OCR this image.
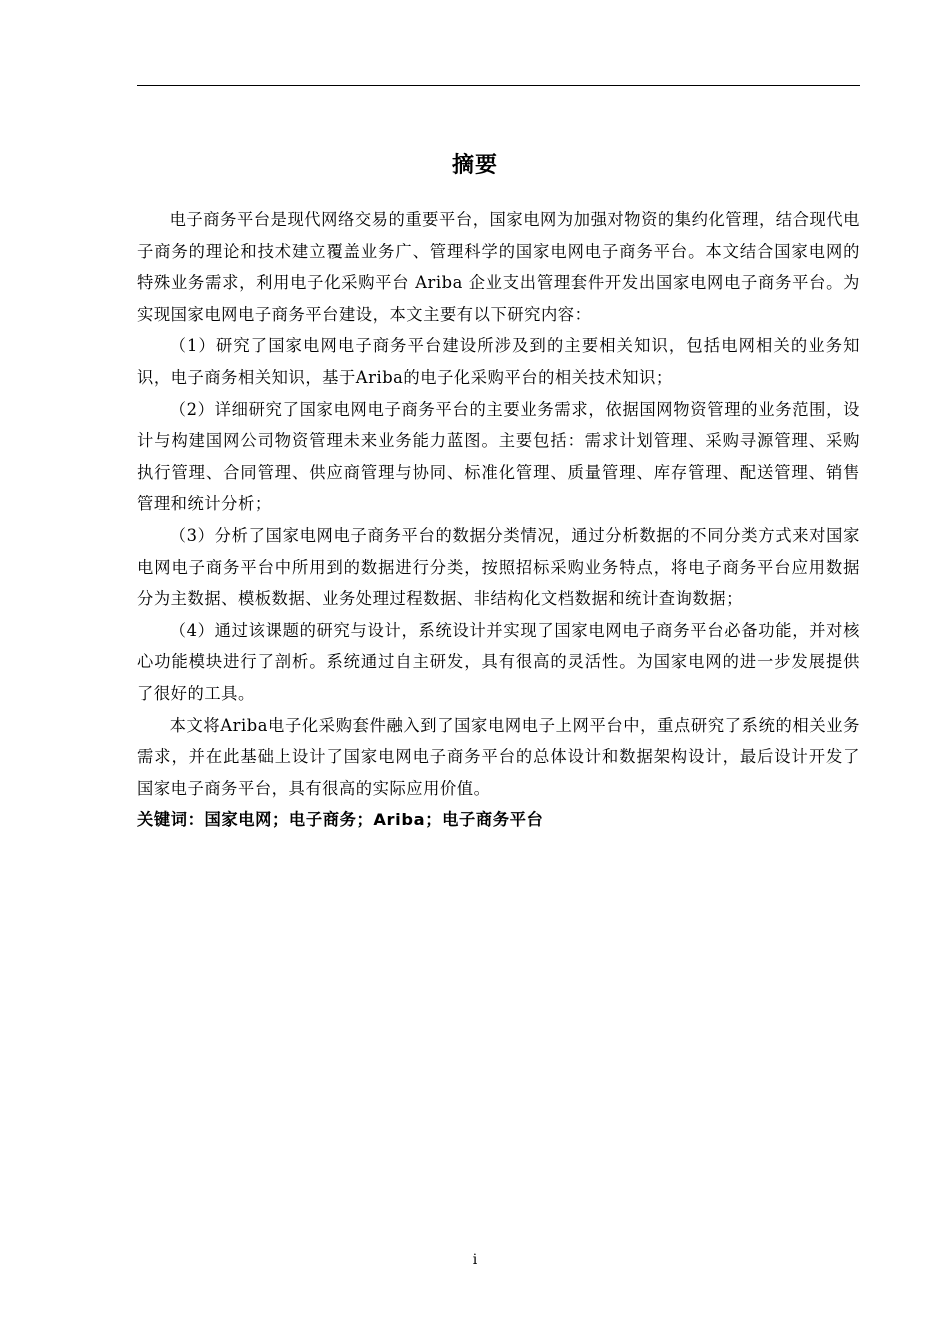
摘要

电子商务平台是现代网络交易的重要平台，国家电网为加强对物资的集约化管理，结合现代电子商务的理论和技术建立覆盖业务广、管理科学的国家电网电子商务平台。本文结合国家电网的特殊业务需求，利用电子化采购平台 Ariba 企业支出管理套件开发出国家电网电子商务平台。为实现国家电网电子商务平台建设，本文主要有以下研究内容：

（1）研究了国家电网电子商务平台建设所涉及到的主要相关知识，包括电网相关的业务知识，电子商务相关知识，基于Ariba的电子化采购平台的相关技术知识；

（2）详细研究了国家电网电子商务平台的主要业务需求，依据国网物资管理的业务范围，设计与构建国网公司物资管理未来业务能力蓝图。主要包括：需求计划管理、采购寻源管理、采购执行管理、合同管理、供应商管理与协同、标准化管理、质量管理、库存管理、配送管理、销售管理和统计分析；

（3）分析了国家电网电子商务平台的数据分类情况，通过分析数据的不同分类方式来对国家电网电子商务平台中所用到的数据进行分类，按照招标采购业务特点，将电子商务平台应用数据分为主数据、模板数据、业务处理过程数据、非结构化文档数据和统计查询数据；

（4）通过该课题的研究与设计，系统设计并实现了国家电网电子商务平台必备功能，并对核心功能模块进行了剖析。系统通过自主研发，具有很高的灵活性。为国家电网的进一步发展提供了很好的工具。

本文将Ariba电子化采购套件融入到了国家电网电子上网平台中，重点研究了系统的相关业务需求，并在此基础上设计了国家电网电子商务平台的总体设计和数据架构设计，最后设计开发了国家电子商务平台，具有很高的实际应用价值。

关键词：国家电网；电子商务；Ariba；电子商务平台

i
